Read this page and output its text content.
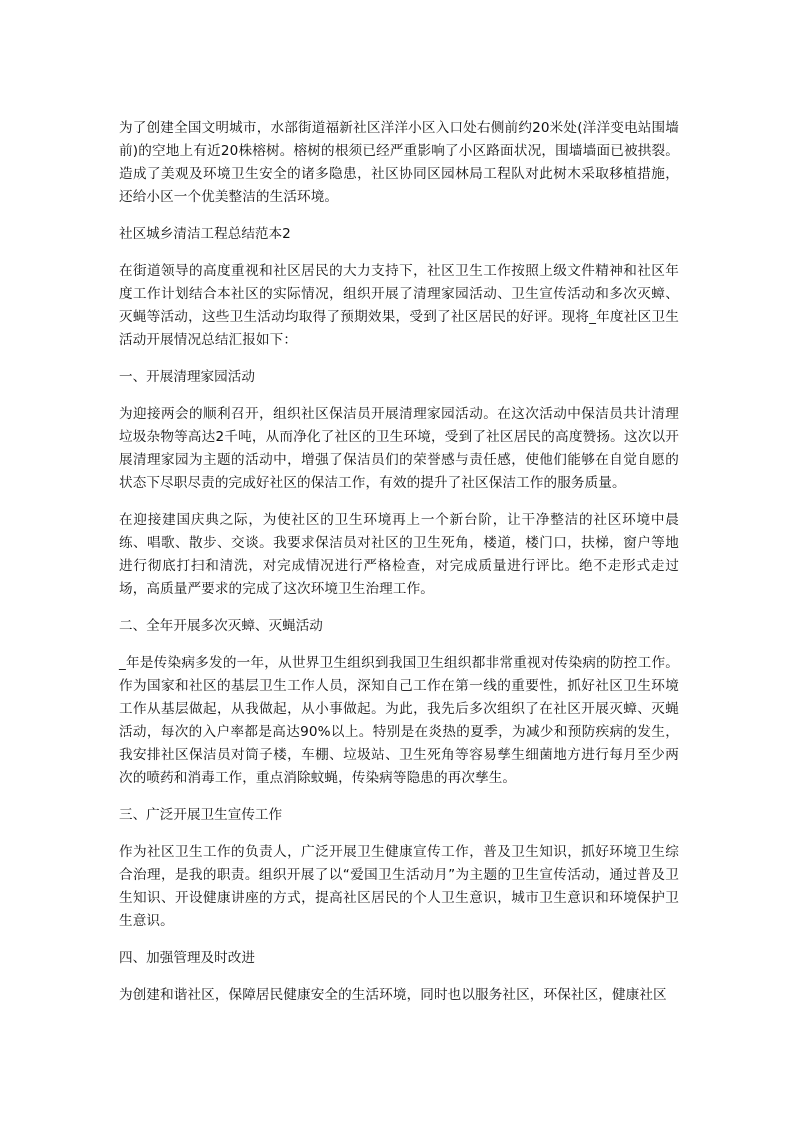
为了创建全国文明城市，水部街道福新社区洋洋小区入口处右侧前约20米处(洋洋变电站围墙前)的空地上有近20株榕树。榕树的根须已经严重影响了小区路面状况，围墙墙面已被拱裂。造成了美观及环境卫生安全的诸多隐患，社区协同区园林局工程队对此树木采取移植措施，还给小区一个优美整洁的生活环境。

社区城乡清洁工程总结范本2

在街道领导的高度重视和社区居民的大力支持下，社区卫生工作按照上级文件精神和社区年度工作计划结合本社区的实际情况，组织开展了清理家园活动、卫生宣传活动和多次灭蟑、灭蝇等活动，这些卫生活动均取得了预期效果，受到了社区居民的好评。现将_年度社区卫生活动开展情况总结汇报如下：

一、开展清理家园活动

为迎接两会的顺利召开，组织社区保洁员开展清理家园活动。在这次活动中保洁员共计清理垃圾杂物等高达2千吨，从而净化了社区的卫生环境，受到了社区居民的高度赞扬。这次以开展清理家园为主题的活动中，增强了保洁员们的荣誉感与责任感，使他们能够在自觉自愿的状态下尽职尽责的完成好社区的保洁工作，有效的提升了社区保洁工作的服务质量。

在迎接建国庆典之际，为使社区的卫生环境再上一个新台阶，让干净整洁的社区环境中晨练、唱歌、散步、交谈。我要求保洁员对社区的卫生死角，楼道，楼门口，扶梯，窗户等地进行彻底打扫和清洗，对完成情况进行严格检查，对完成质量进行评比。绝不走形式走过场，高质量严要求的完成了这次环境卫生治理工作。

二、全年开展多次灭蟑、灭蝇活动

_年是传染病多发的一年，从世界卫生组织到我国卫生组织都非常重视对传染病的防控工作。作为国家和社区的基层卫生工作人员，深知自己工作在第一线的重要性，抓好社区卫生环境工作从基层做起，从我做起，从小事做起。为此，我先后多次组织了在社区开展灭蟑、灭蝇活动，每次的入户率都是高达90%以上。特别是在炎热的夏季，为减少和预防疾病的发生，我安排社区保洁员对筒子楼，车棚、垃圾站、卫生死角等容易孳生细菌地方进行每月至少两次的喷药和消毒工作，重点消除蚊蝇，传染病等隐患的再次孳生。

三、广泛开展卫生宣传工作

作为社区卫生工作的负责人，广泛开展卫生健康宣传工作，普及卫生知识，抓好环境卫生综合治理，是我的职责。组织开展了以“爱国卫生活动月”为主题的卫生宣传活动，通过普及卫生知识、开设健康讲座的方式，提高社区居民的个人卫生意识，城市卫生意识和环境保护卫生意识。

四、加强管理及时改进

为创建和谐社区，保障居民健康安全的生活环境，同时也以服务社区，环保社区，健康社区
